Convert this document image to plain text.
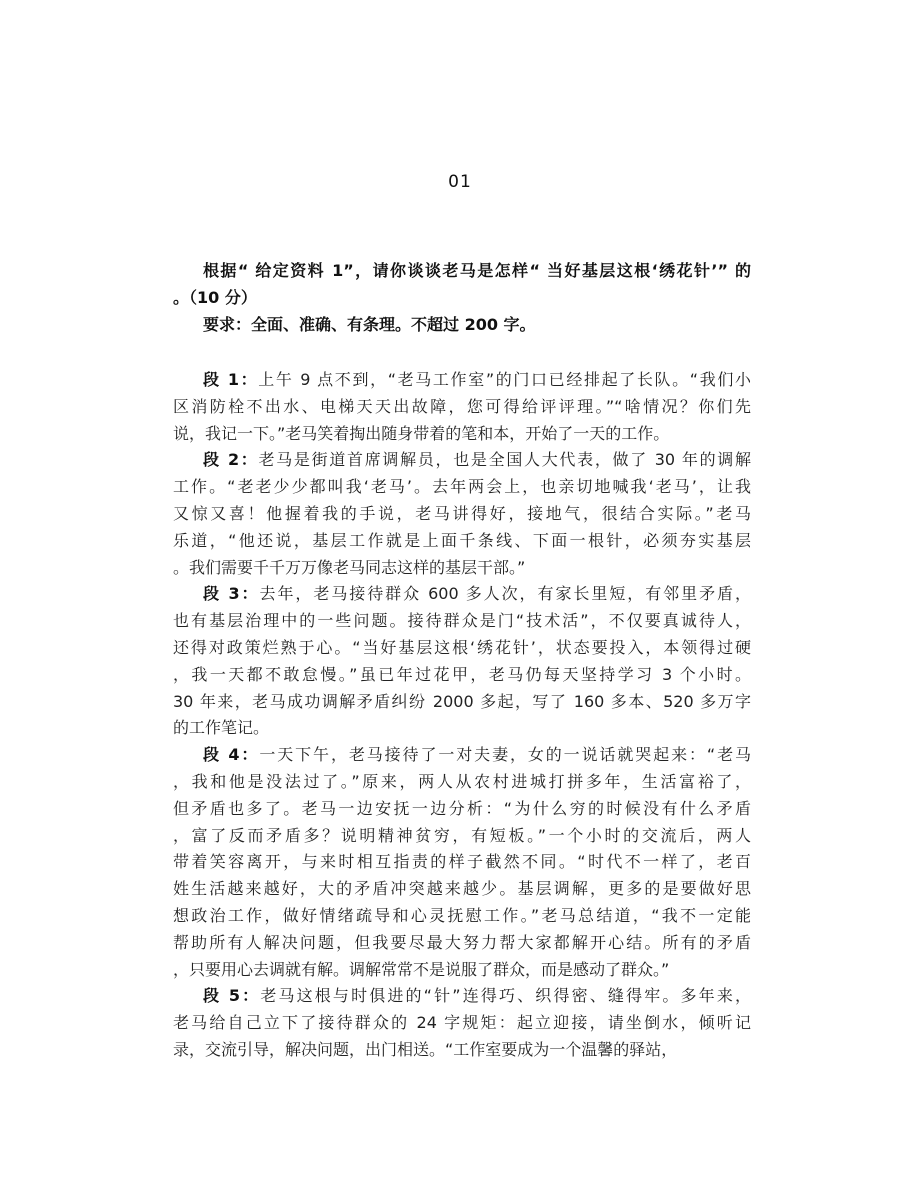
01
根据“ 给定资料 1”，请你谈谈老马是怎样“ 当好基层这根‘绣花针’” 的
。（10 分）
要求：全面、准确、有条理。不超过 200 字。
段 1：上午 9 点不到，“老马工作室”的门口已经排起了长队。“我们小
区消防栓不出水、电梯天天出故障，您可得给评评理。”“啥情况？你们先
说，我记一下。”老马笑着掏出随身带着的笔和本，开始了一天的工作。
段 2：老马是街道首席调解员，也是全国人大代表，做了 30 年的调解
工作。“老老少少都叫我‘老马’。去年两会上，也亲切地喊我‘老马’，让我
又惊又喜！他握着我的手说，老马讲得好，接地气，很结合实际。”老马
乐道，“他还说，基层工作就是上面千条线、下面一根针，必须夯实基层
。我们需要千千万万像老马同志这样的基层干部。”
段 3：去年，老马接待群众 600 多人次，有家长里短，有邻里矛盾，
也有基层治理中的一些问题。接待群众是门“技术活”，不仅要真诚待人，
还得对政策烂熟于心。“当好基层这根‘绣花针’，状态要投入，本领得过硬
，我一天都不敢怠慢。”虽已年过花甲，老马仍每天坚持学习 3 个小时。
30 年来，老马成功调解矛盾纠纷 2000 多起，写了 160 多本、520 多万字
的工作笔记。
段 4：一天下午，老马接待了一对夫妻，女的一说话就哭起来：“老马
，我和他是没法过了。”原来，两人从农村进城打拼多年，生活富裕了，
但矛盾也多了。老马一边安抚一边分析：“为什么穷的时候没有什么矛盾
，富了反而矛盾多？说明精神贫穷，有短板。”一个小时的交流后，两人
带着笑容离开，与来时相互指责的样子截然不同。“时代不一样了，老百
姓生活越来越好，大的矛盾冲突越来越少。基层调解，更多的是要做好思
想政治工作，做好情绪疏导和心灵抚慰工作。”老马总结道，“我不一定能
帮助所有人解决问题，但我要尽最大努力帮大家都解开心结。所有的矛盾
，只要用心去调就有解。调解常常不是说服了群众，而是感动了群众。”
段 5：老马这根与时俱进的“针”连得巧、织得密、缝得牢。多年来，
老马给自己立下了接待群众的 24 字规矩：起立迎接，请坐倒水，倾听记
录，交流引导，解决问题，出门相送。“工作室要成为一个温馨的驿站，
